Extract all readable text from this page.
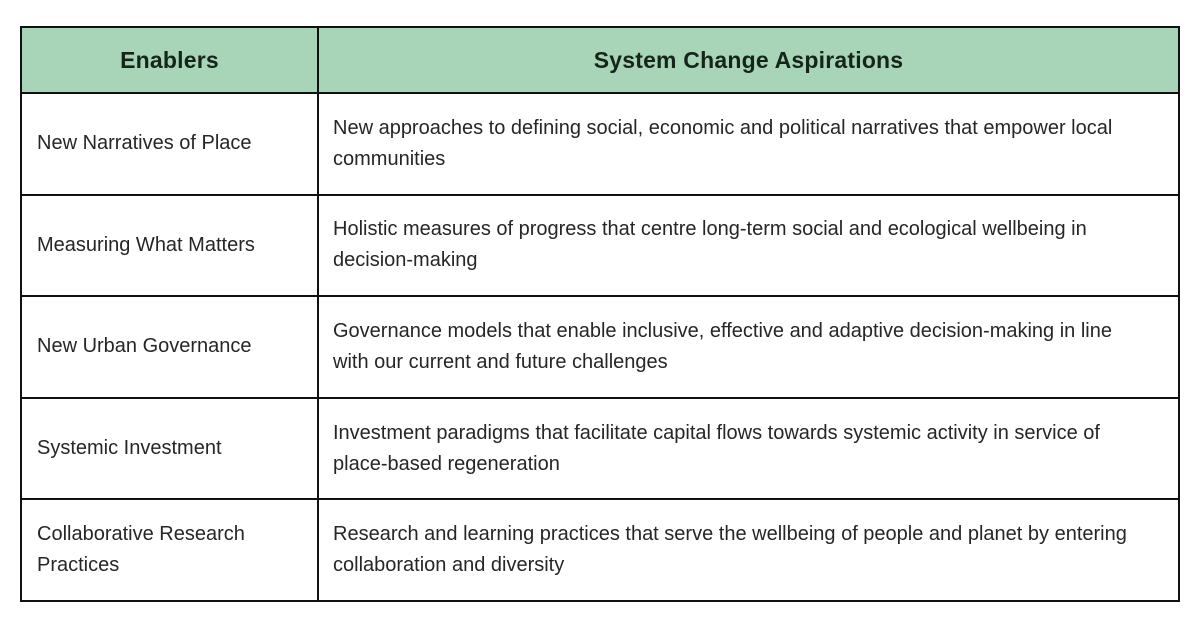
Enablers	System Change Aspirations
New Narratives of Place	New approaches to defining social, economic and political narratives that empower local communities
Measuring What Matters	Holistic measures of progress that centre long-term social and ecological wellbeing in decision-making
New Urban Governance	Governance models that enable inclusive, effective and adaptive decision-making in line with our current and future challenges
Systemic Investment	Investment paradigms that facilitate capital flows towards systemic activity in service of place-based regeneration
Collaborative Research Practices	Research and learning practices that serve the wellbeing of people and planet by entering collaboration and diversity
